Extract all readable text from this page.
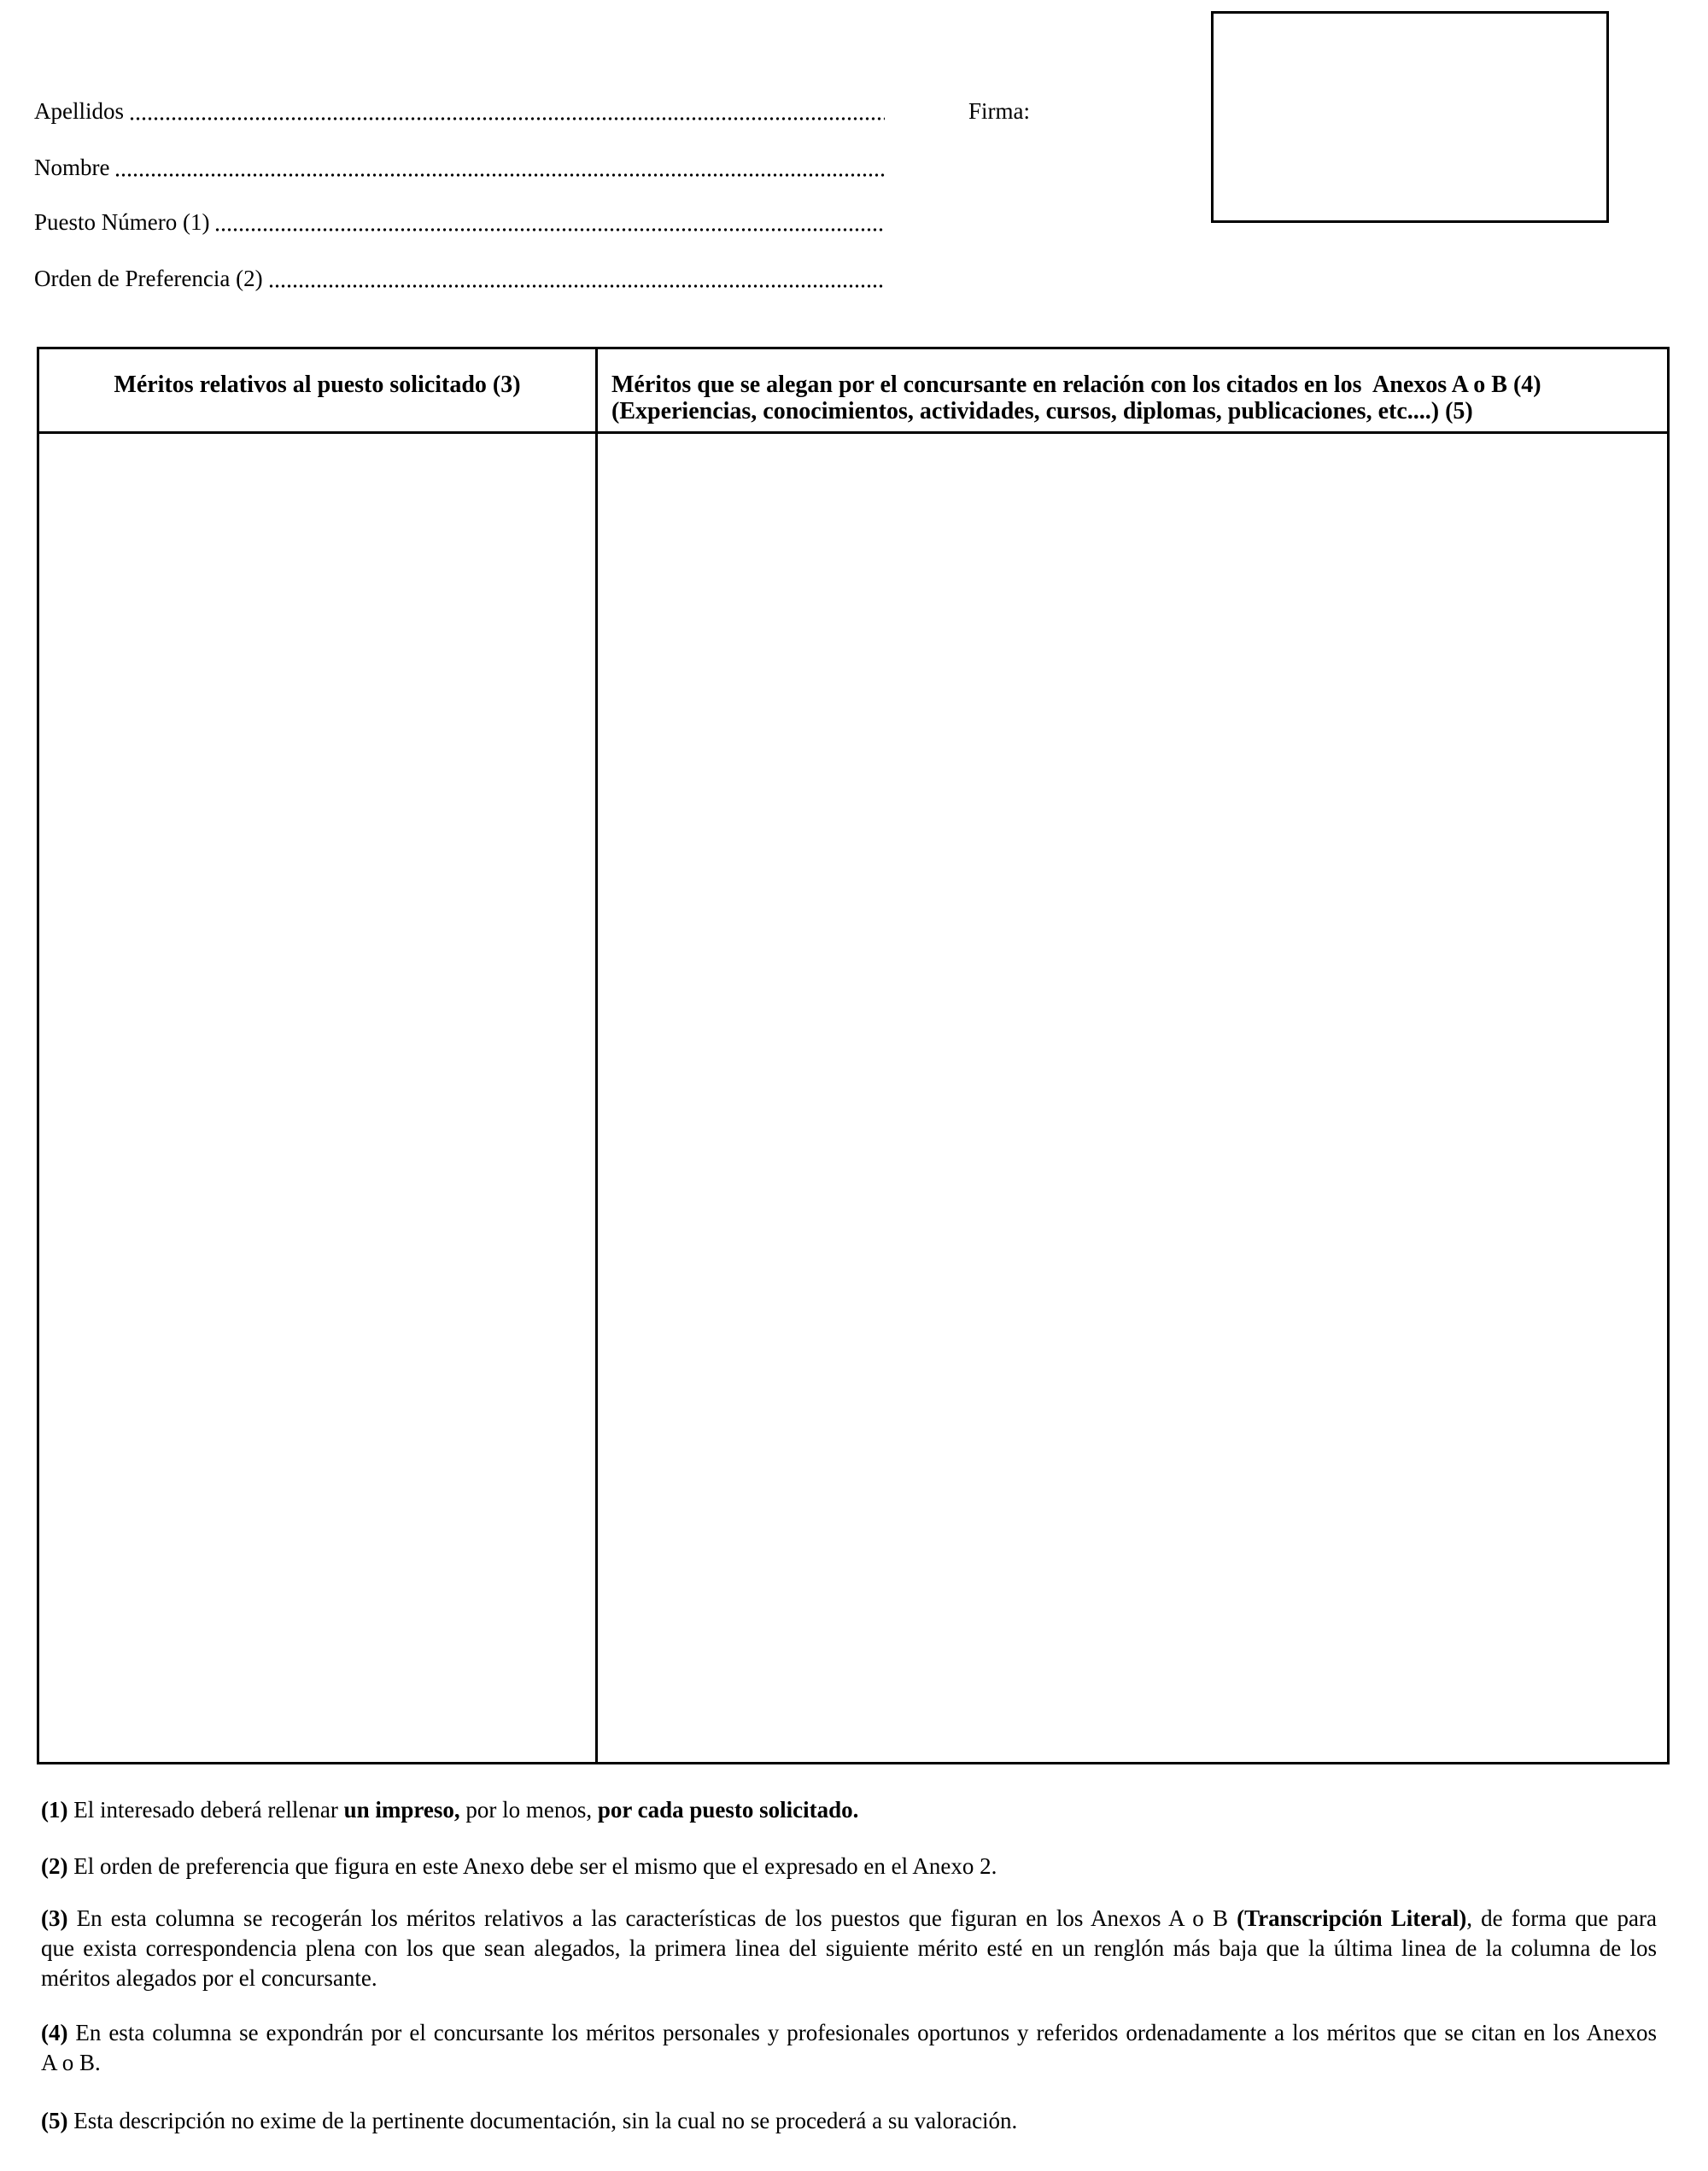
Apellidos
Nombre
Puesto Número (1)
Orden de Preferencia (2)
Firma:
Méritos relativos al puesto solicitado (3)	Méritos que se alegan por el concursante en relación con los citados en los  Anexos A o B (4)
(Experiencias, conocimientos, actividades, cursos, diplomas, publicaciones, etc....) (5)
(1) El interesado deberá rellenar un impreso, por lo menos, por cada puesto solicitado.
(2) El orden de preferencia que figura en este Anexo debe ser el mismo que el expresado en el Anexo 2.
(3) En esta columna se recogerán los méritos relativos a las características de los puestos que figuran en los Anexos A o B (Transcripción Literal), de forma que para
que exista correspondencia plena con los que sean alegados, la primera linea del siguiente mérito esté en un renglón más baja que la última linea de la columna de los
méritos alegados por el concursante.
(4) En esta columna se expondrán por el concursante los méritos personales y profesionales oportunos y referidos ordenadamente a los méritos que se citan en los Anexos
A o B.
(5) Esta descripción no exime de la pertinente documentación, sin la cual no se procederá a su valoración.
